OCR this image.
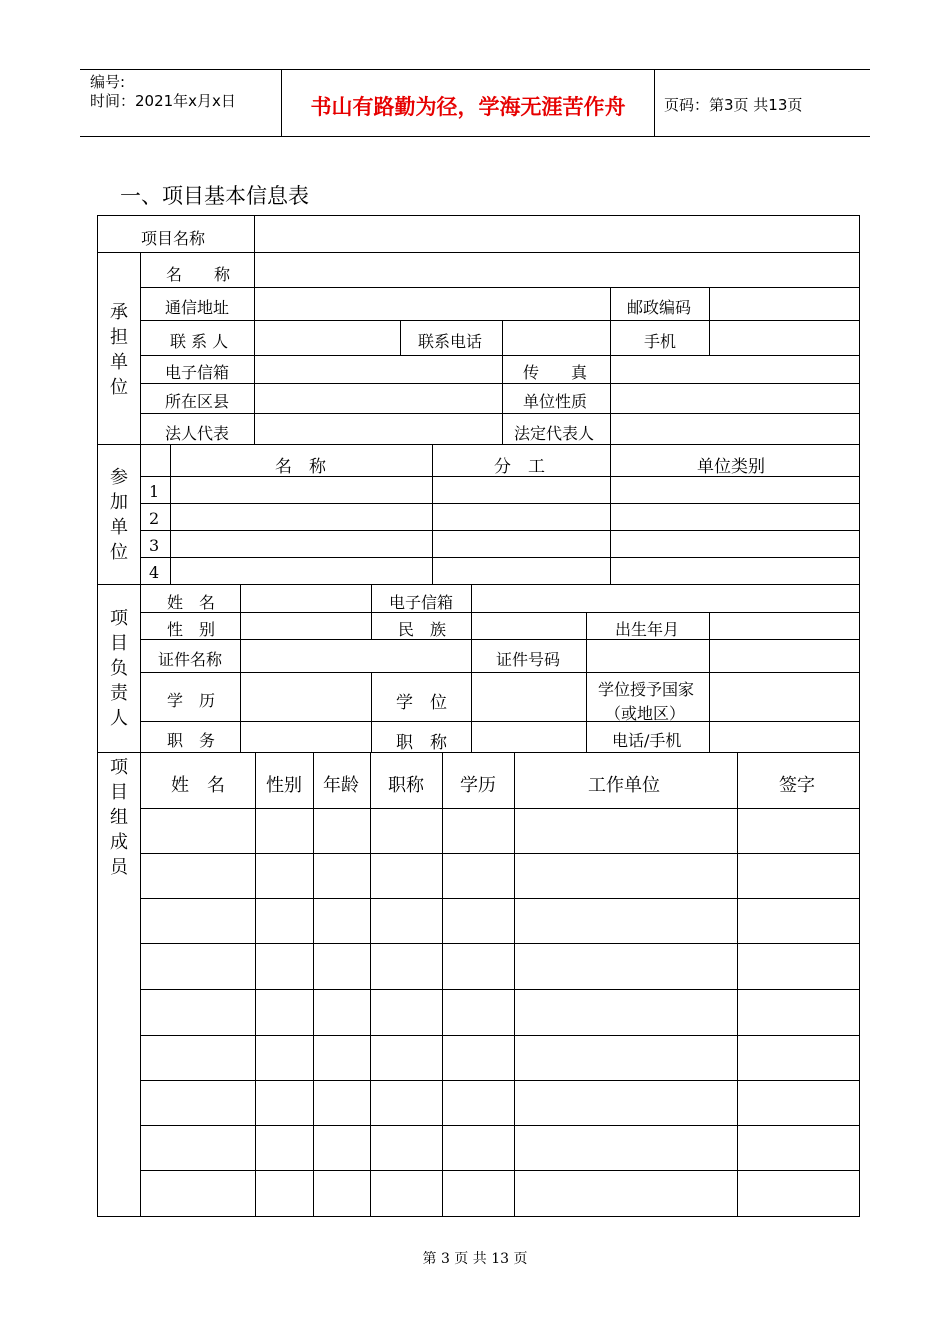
编号:
时间：2021年x月x日	书山有路勤为径，学海无涯苦作舟	页码：第3页 共13页
一、项目基本信息表
项目名称
承
担
单
位
名　　称
通信地址	邮政编码
联 系 人	联系电话	手机
电子信箱	传　　真
所在区县	单位性质
法人代表	法定代表人
参
加
单
位
名　称	分　工	单位类别
1
2
3
4
项
目
负
责
人
姓　名	电子信箱
性　别	民　族	出生年月
证件名称	证件号码
学　历	学　位
学位授予国家
（或地区）
职　务	职　称	电话/手机
项
目
组
成
员
姓　名 性别 年龄 职称 学历	工作单位	签字
第 3 页 共 13 页
